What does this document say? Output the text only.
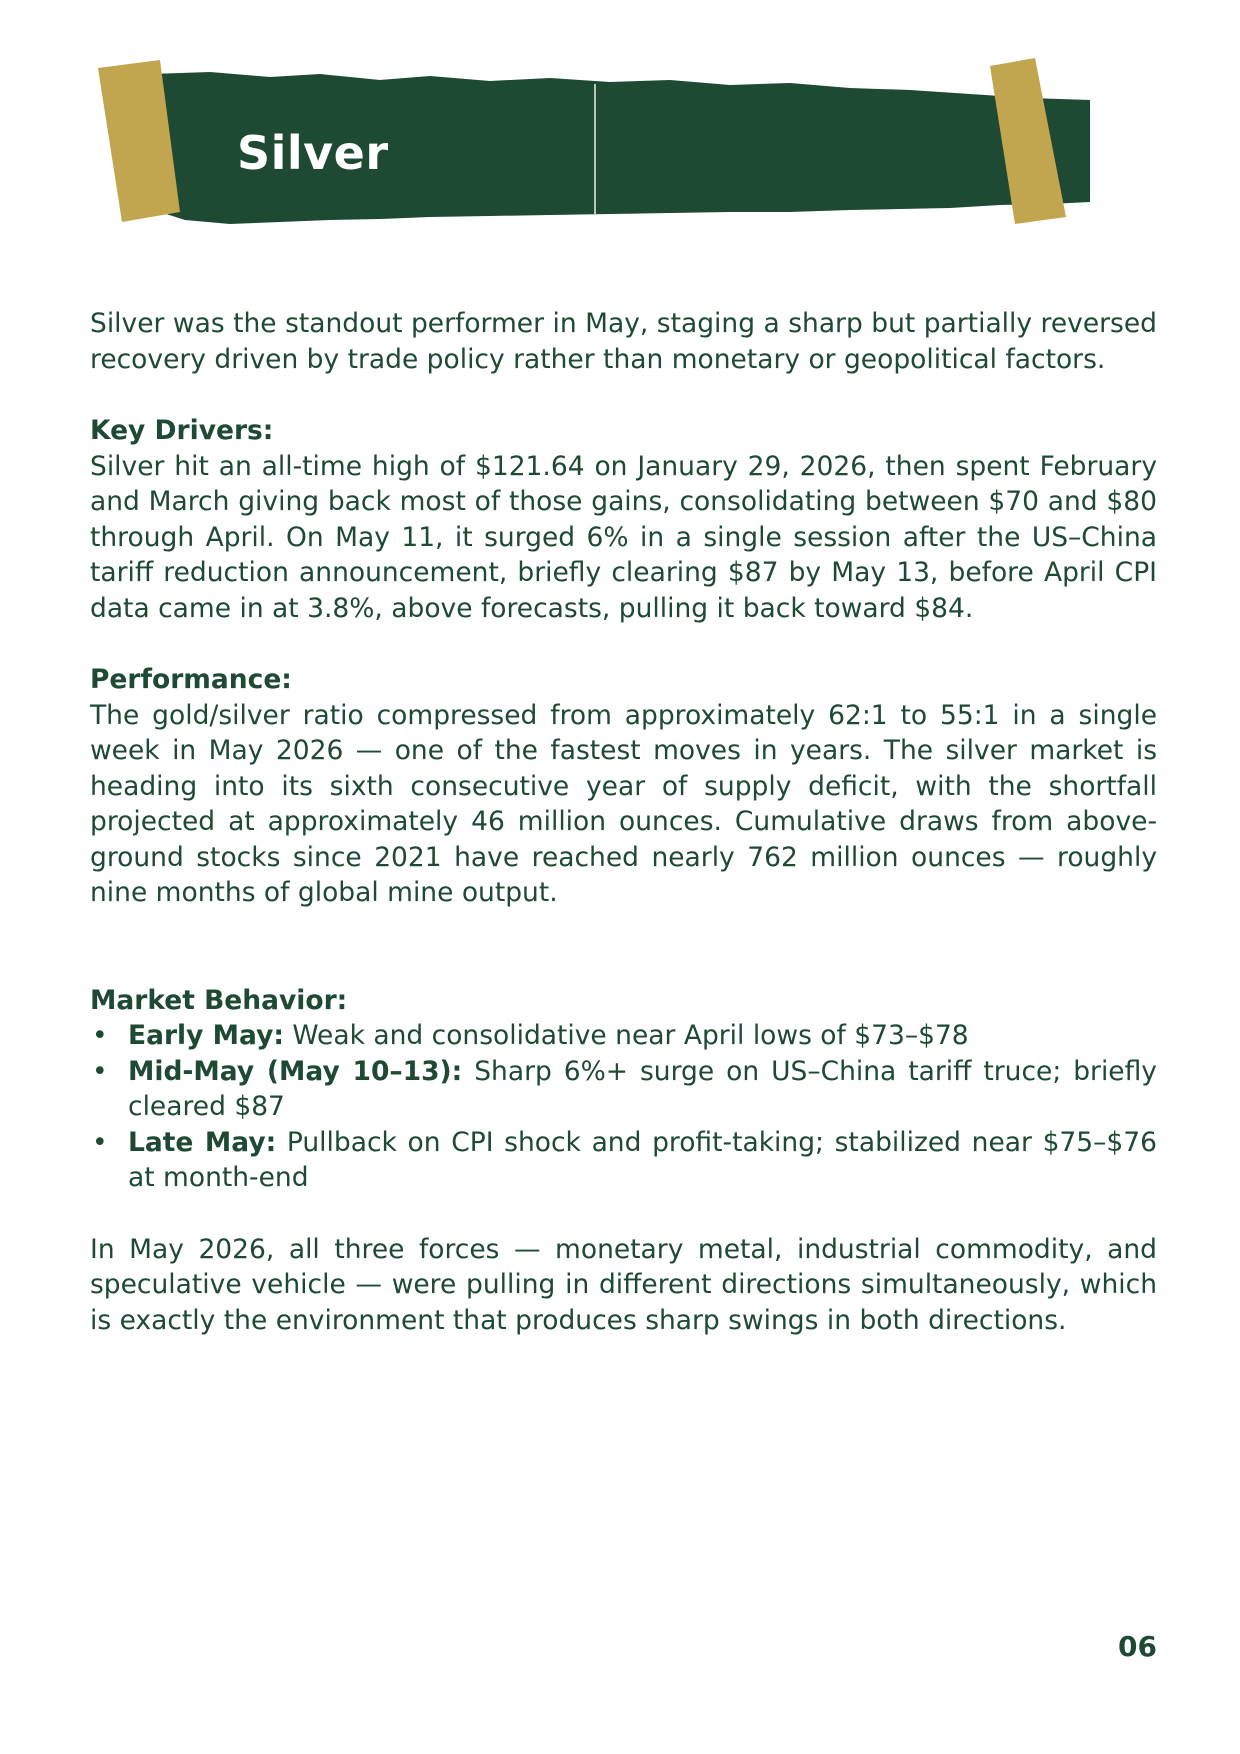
Silver

Silver was the standout performer in May, staging a sharp but partially reversed recovery driven by trade policy rather than monetary or geopolitical factors.

Key Drivers:

Silver hit an all-time high of $121.64 on January 29, 2026, then spent February and March giving back most of those gains, consolidating between $70 and $80 through April. On May 11, it surged 6% in a single session after the US–China tariff reduction announcement, briefly clearing $87 by May 13, before April CPI data came in at 3.8%, above forecasts, pulling it back toward $84.

Performance:

The gold/silver ratio compressed from approximately 62:1 to 55:1 in a single week in May 2026 — one of the fastest moves in years. The silver market is heading into its sixth consecutive year of supply deficit, with the shortfall projected at approximately 46 million ounces. Cumulative draws from above-ground stocks since 2021 have reached nearly 762 million ounces — roughly nine months of global mine output.

Market Behavior:

• Early May: Weak and consolidative near April lows of $73–$78
• Mid-May (May 10–13): Sharp 6%+ surge on US–China tariff truce; briefly cleared $87
• Late May: Pullback on CPI shock and profit-taking; stabilized near $75–$76 at month-end

In May 2026, all three forces — monetary metal, industrial commodity, and speculative vehicle — were pulling in different directions simultaneously, which is exactly the environment that produces sharp swings in both directions.

06
